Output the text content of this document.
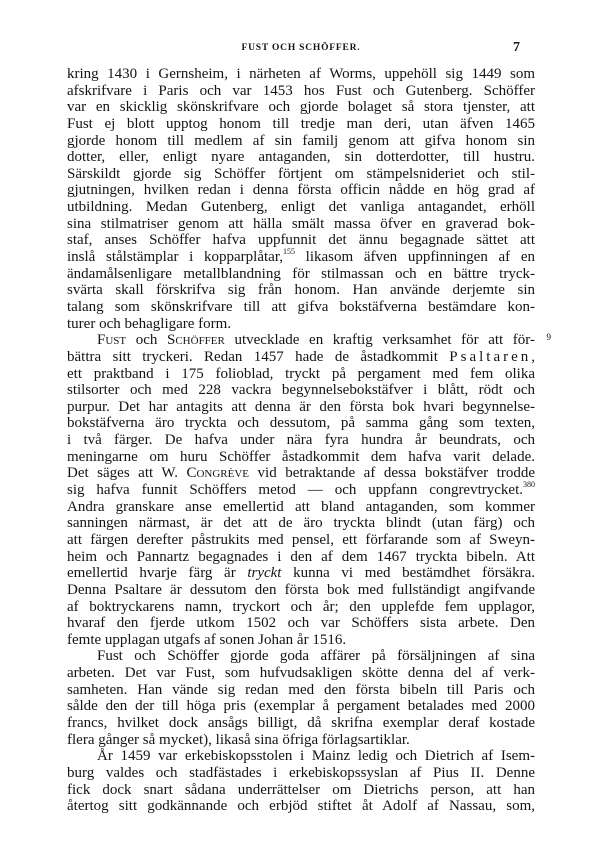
FUST OCH SCHÖFFER.	7
kring 1430 i Gernsheim, i närheten af Worms, uppehöll sig 1449 som
afskrifvare i Paris och var 1453 hos Fust och Gutenberg. Schöffer
var en skicklig skönskrifvare och gjorde bolaget så stora tjenster, att
Fust ej blott upptog honom till tredje man deri, utan äfven 1465
gjorde honom till medlem af sin familj genom att gifva honom sin
dotter, eller, enligt nyare antaganden, sin dotterdotter, till hustru.
Särskildt gjorde sig Schöffer förtjent om stämpelsnideriet och stil-
gjutningen, hvilken redan i denna första officin nådde en hög grad af
utbildning. Medan Gutenberg, enligt det vanliga antagandet, erhöll
sina stilmatriser genom att hälla smält massa öfver en graverad bok-
staf, anses Schöffer hafva uppfunnit det ännu begagnade sättet att
inslå stålstämplar i kopparplåtar,$^{155}$ likasom äfven uppfinningen af en
ändamålsenligare metallblandning för stilmassan och en bättre tryck-
svärta skall förskrifva sig från honom. Han använde derjemte sin
talang som skönskrifvare till att gifva bokstäfverna bestämdare kon-
turer och behagligare form.
Fust och Schöffer utvecklade en kraftig verksamhet för att för- 9
bättra sitt tryckeri. Redan 1457 hade de åstadkommit Psaltaren,
ett praktband i 175 folioblad, tryckt på pergament med fem olika
stilsorter och med 228 vackra begynnelsebokstäfver i blått, rödt och
purpur. Det har antagits att denna är den första bok hvari begynnelse-
bokstäfverna äro tryckta och dessutom, på samma gång som texten,
i två färger. De hafva under nära fyra hundra år beundrats, och
meningarne om huru Schöffer åstadkommit dem hafva varit delade.
Det säges att W. Congrève vid betraktande af dessa bokstäfver trodde
sig hafva funnit Schöffers metod — och uppfann congrevtrycket.$^{380}$
Andra granskare anse emellertid att bland antaganden, som kommer
sanningen närmast, är det att de äro tryckta blindt (utan färg) och
att färgen derefter påstrukits med pensel, ett förfarande som af Sweyn-
heim och Pannartz begagnades i den af dem 1467 tryckta bibeln. Att
emellertid hvarje färg är tryckt kunna vi med bestämdhet försäkra.
Denna Psaltare är dessutom den första bok med fullständigt angifvande
af boktryckarens namn, tryckort och år; den upplefde fem upplagor,
hvaraf den fjerde utkom 1502 och var Schöffers sista arbete. Den
femte upplagan utgafs af sonen Johan år 1516.
Fust och Schöffer gjorde goda affärer på försäljningen af sina
arbeten. Det var Fust, som hufvudsakligen skötte denna del af verk-
samheten. Han vände sig redan med den första bibeln till Paris och
sålde den der till höga pris (exemplar å pergament betalades med 2000
francs, hvilket dock ansågs billigt, då skrifna exemplar deraf kostade
flera gånger så mycket), likaså sina öfriga förlagsartiklar.
År 1459 var erkebiskopsstolen i Mainz ledig och Dietrich af Isem-
burg valdes och stadfästades i erkebiskopssyslan af Pius II. Denne
fick dock snart sådana underrättelser om Dietrichs person, att han
återtog sitt godkännande och erbjöd stiftet åt Adolf af Nassau, som,
